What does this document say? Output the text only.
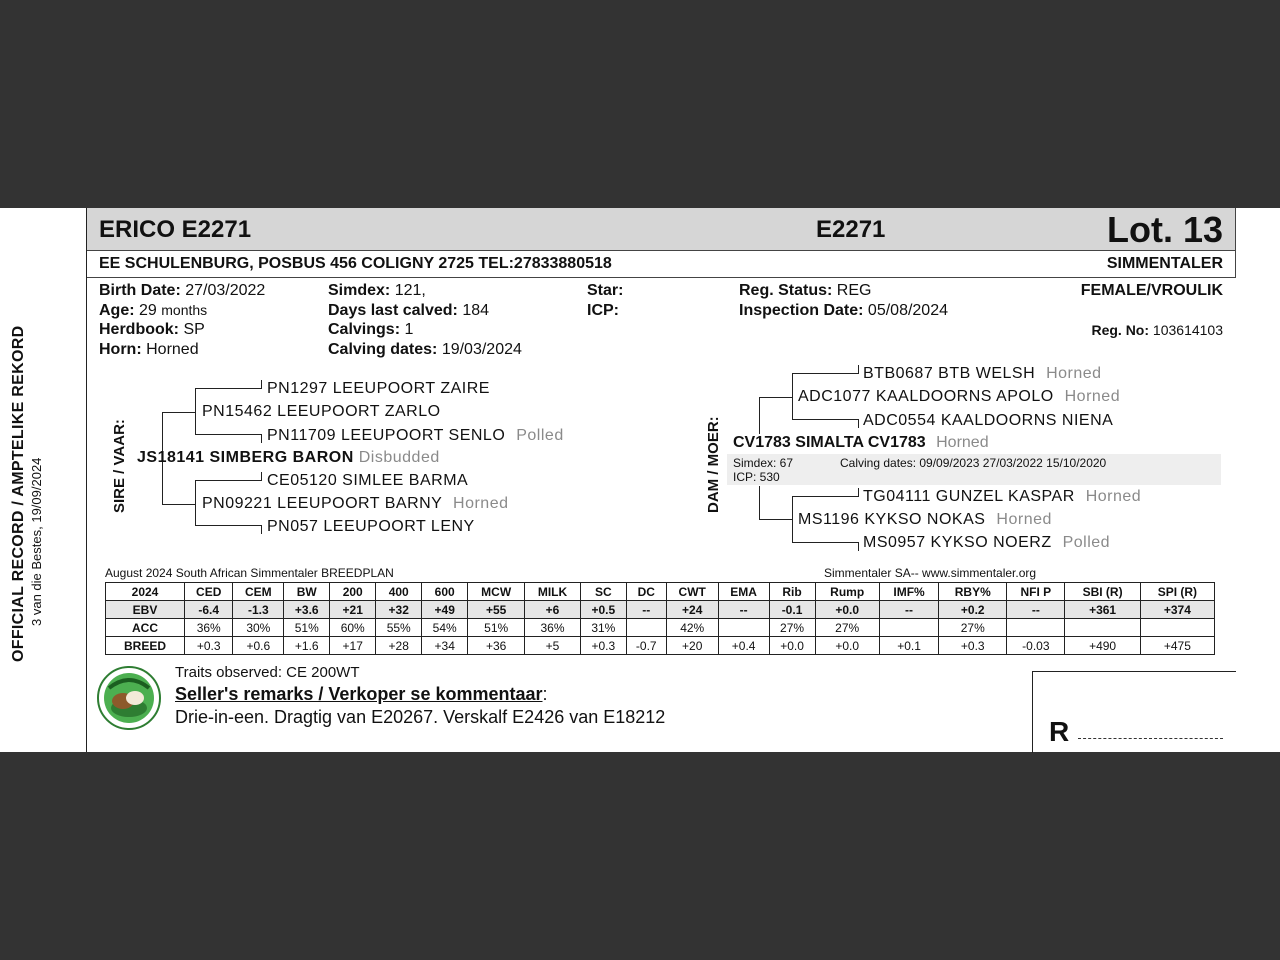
OFFICIAL RECORD / AMPTELIKE REKORD 3 van die Bestes, 19/09/2024
ERICO E2271	E2271	Lot. 13
EE SCHULENBURG, POSBUS 456 COLIGNY 2725 TEL:27833880518	SIMMENTALER
Birth Date: 27/03/2022
Age: 29 months
Herdbook: SP
Horn: Horned
Simdex: 121,
Days last calved: 184
Calvings: 1
Calving dates: 19/03/2024
Star:
ICP:
Reg. Status: REG
Inspection Date: 05/08/2024
FEMALE/VROULIK
Reg. No: 103614103
SIRE / VAAR:
PN1297 LEEUPOORT ZAIRE
PN15462 LEEUPOORT ZARLO
PN11709 LEEUPOORT SENLO Polled
JS18141 SIMBERG BARON Disbudded
CE05120 SIMLEE BARMA
PN09221 LEEUPOORT BARNY Horned
PN057 LEEUPOORT LENY
DAM / MOER:
BTB0687 BTB WELSH Horned
ADC1077 KAALDOORNS APOLO Horned
ADC0554 KAALDOORNS NIENA
CV1783 SIMALTA CV1783 Horned
Simdex: 67	Calving dates: 09/09/2023 27/03/2022 15/10/2020
ICP: 530
TG04111 GUNZEL KASPAR Horned
MS1196 KYKSO NOKAS Horned
MS0957 KYKSO NOERZ Polled
August 2024 South African Simmentaler BREEDPLAN	Simmentaler SA-- www.simmentaler.org
2024	CED	CEM	BW	200	400	600	MCW	MILK	SC	DC	CWT	EMA	Rib	Rump	IMF%	RBY%	NFI P	SBI (R)	SPI (R)
EBV	-6.4	-1.3	+3.6	+21	+32	+49	+55	+6	+0.5	--	+24	--	-0.1	+0.0	--	+0.2	--	+361	+374
ACC	36%	30%	51%	60%	55%	54%	51%	36%	31%		42%		27%	27%		27%			
BREED	+0.3	+0.6	+1.6	+17	+28	+34	+36	+5	+0.3	-0.7	+20	+0.4	+0.0	+0.0	+0.1	+0.3	-0.03	+490	+475
Traits observed: CE 200WT
Seller's remarks / Verkoper se kommentaar:
Drie-in-een. Dragtig van E20267. Verskalf E2426 van E18212	R
